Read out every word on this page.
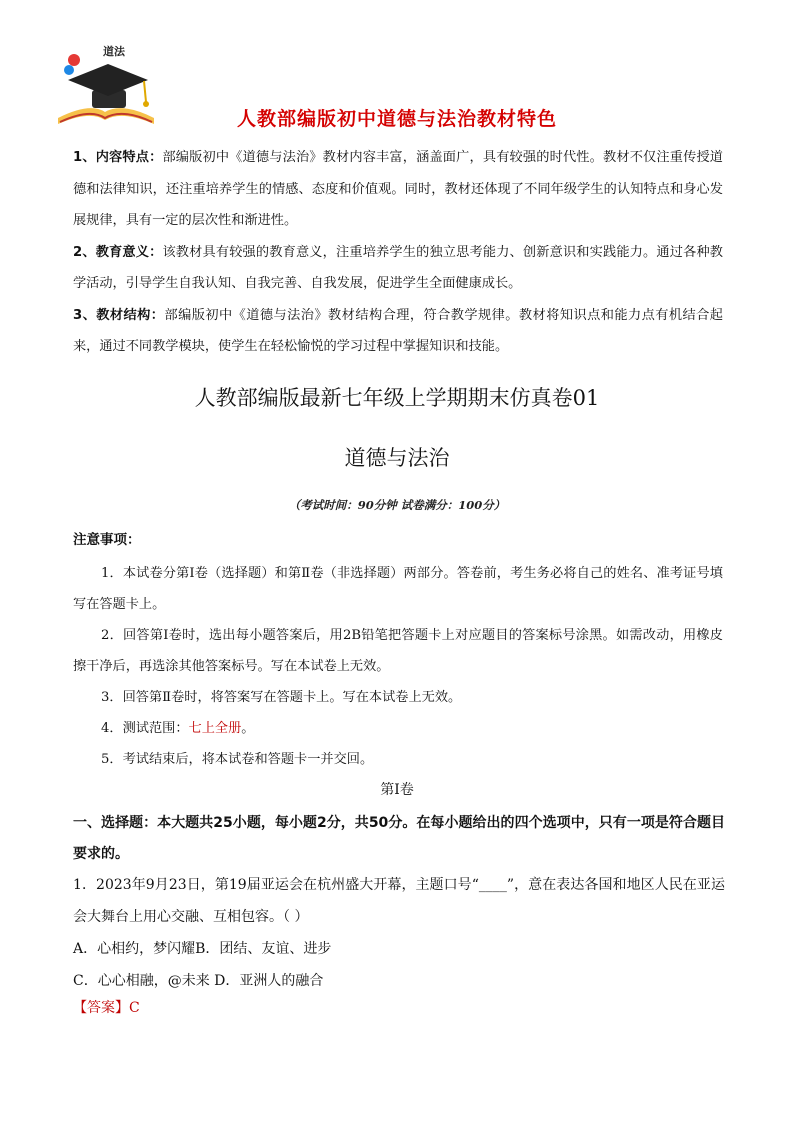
道法
人教部编版初中道德与法治教材特色

1、内容特点：部编版初中《道德与法治》教材内容丰富，涵盖面广，具有较强的时代性。教材不仅注重传授道德和法律知识，还注重培养学生的情感、态度和价值观。同时，教材还体现了不同年级学生的认知特点和身心发展规律，具有一定的层次性和渐进性。

2、教育意义：该教材具有较强的教育意义，注重培养学生的独立思考能力、创新意识和实践能力。通过各种教学活动，引导学生自我认知、自我完善、自我发展，促进学生全面健康成长。

3、教材结构：部编版初中《道德与法治》教材结构合理，符合教学规律。教材将知识点和能力点有机结合起来，通过不同教学模块，使学生在轻松愉悦的学习过程中掌握知识和技能。

人教部编版最新七年级上学期期末仿真卷01
道德与法治
（考试时间：90分钟 试卷满分：100分）
注意事项：

1．本试卷分第Ⅰ卷（选择题）和第Ⅱ卷（非选择题）两部分。答卷前，考生务必将自己的姓名、准考证号填写在答题卡上。

2．回答第Ⅰ卷时，选出每小题答案后，用2B铅笔把答题卡上对应题目的答案标号涂黑。如需改动，用橡皮擦干净后，再选涂其他答案标号。写在本试卷上无效。

3．回答第Ⅱ卷时，将答案写在答题卡上。写在本试卷上无效。

4．测试范围：七上全册。

5．考试结束后，将本试卷和答题卡一并交回。

第Ⅰ卷
一、选择题：本大题共25小题，每小题2分，共50分。在每小题给出的四个选项中，只有一项是符合题目要求的。

1．2023年9月23日，第19届亚运会在杭州盛大开幕，主题口号“____”，意在表达各国和地区人民在亚运会大舞台上用心交融、互相包容。（ ）

A．心相约，梦闪耀B．团结、友谊、进步

C．心心相融，@未来 D．亚洲人的融合

【答案】C
